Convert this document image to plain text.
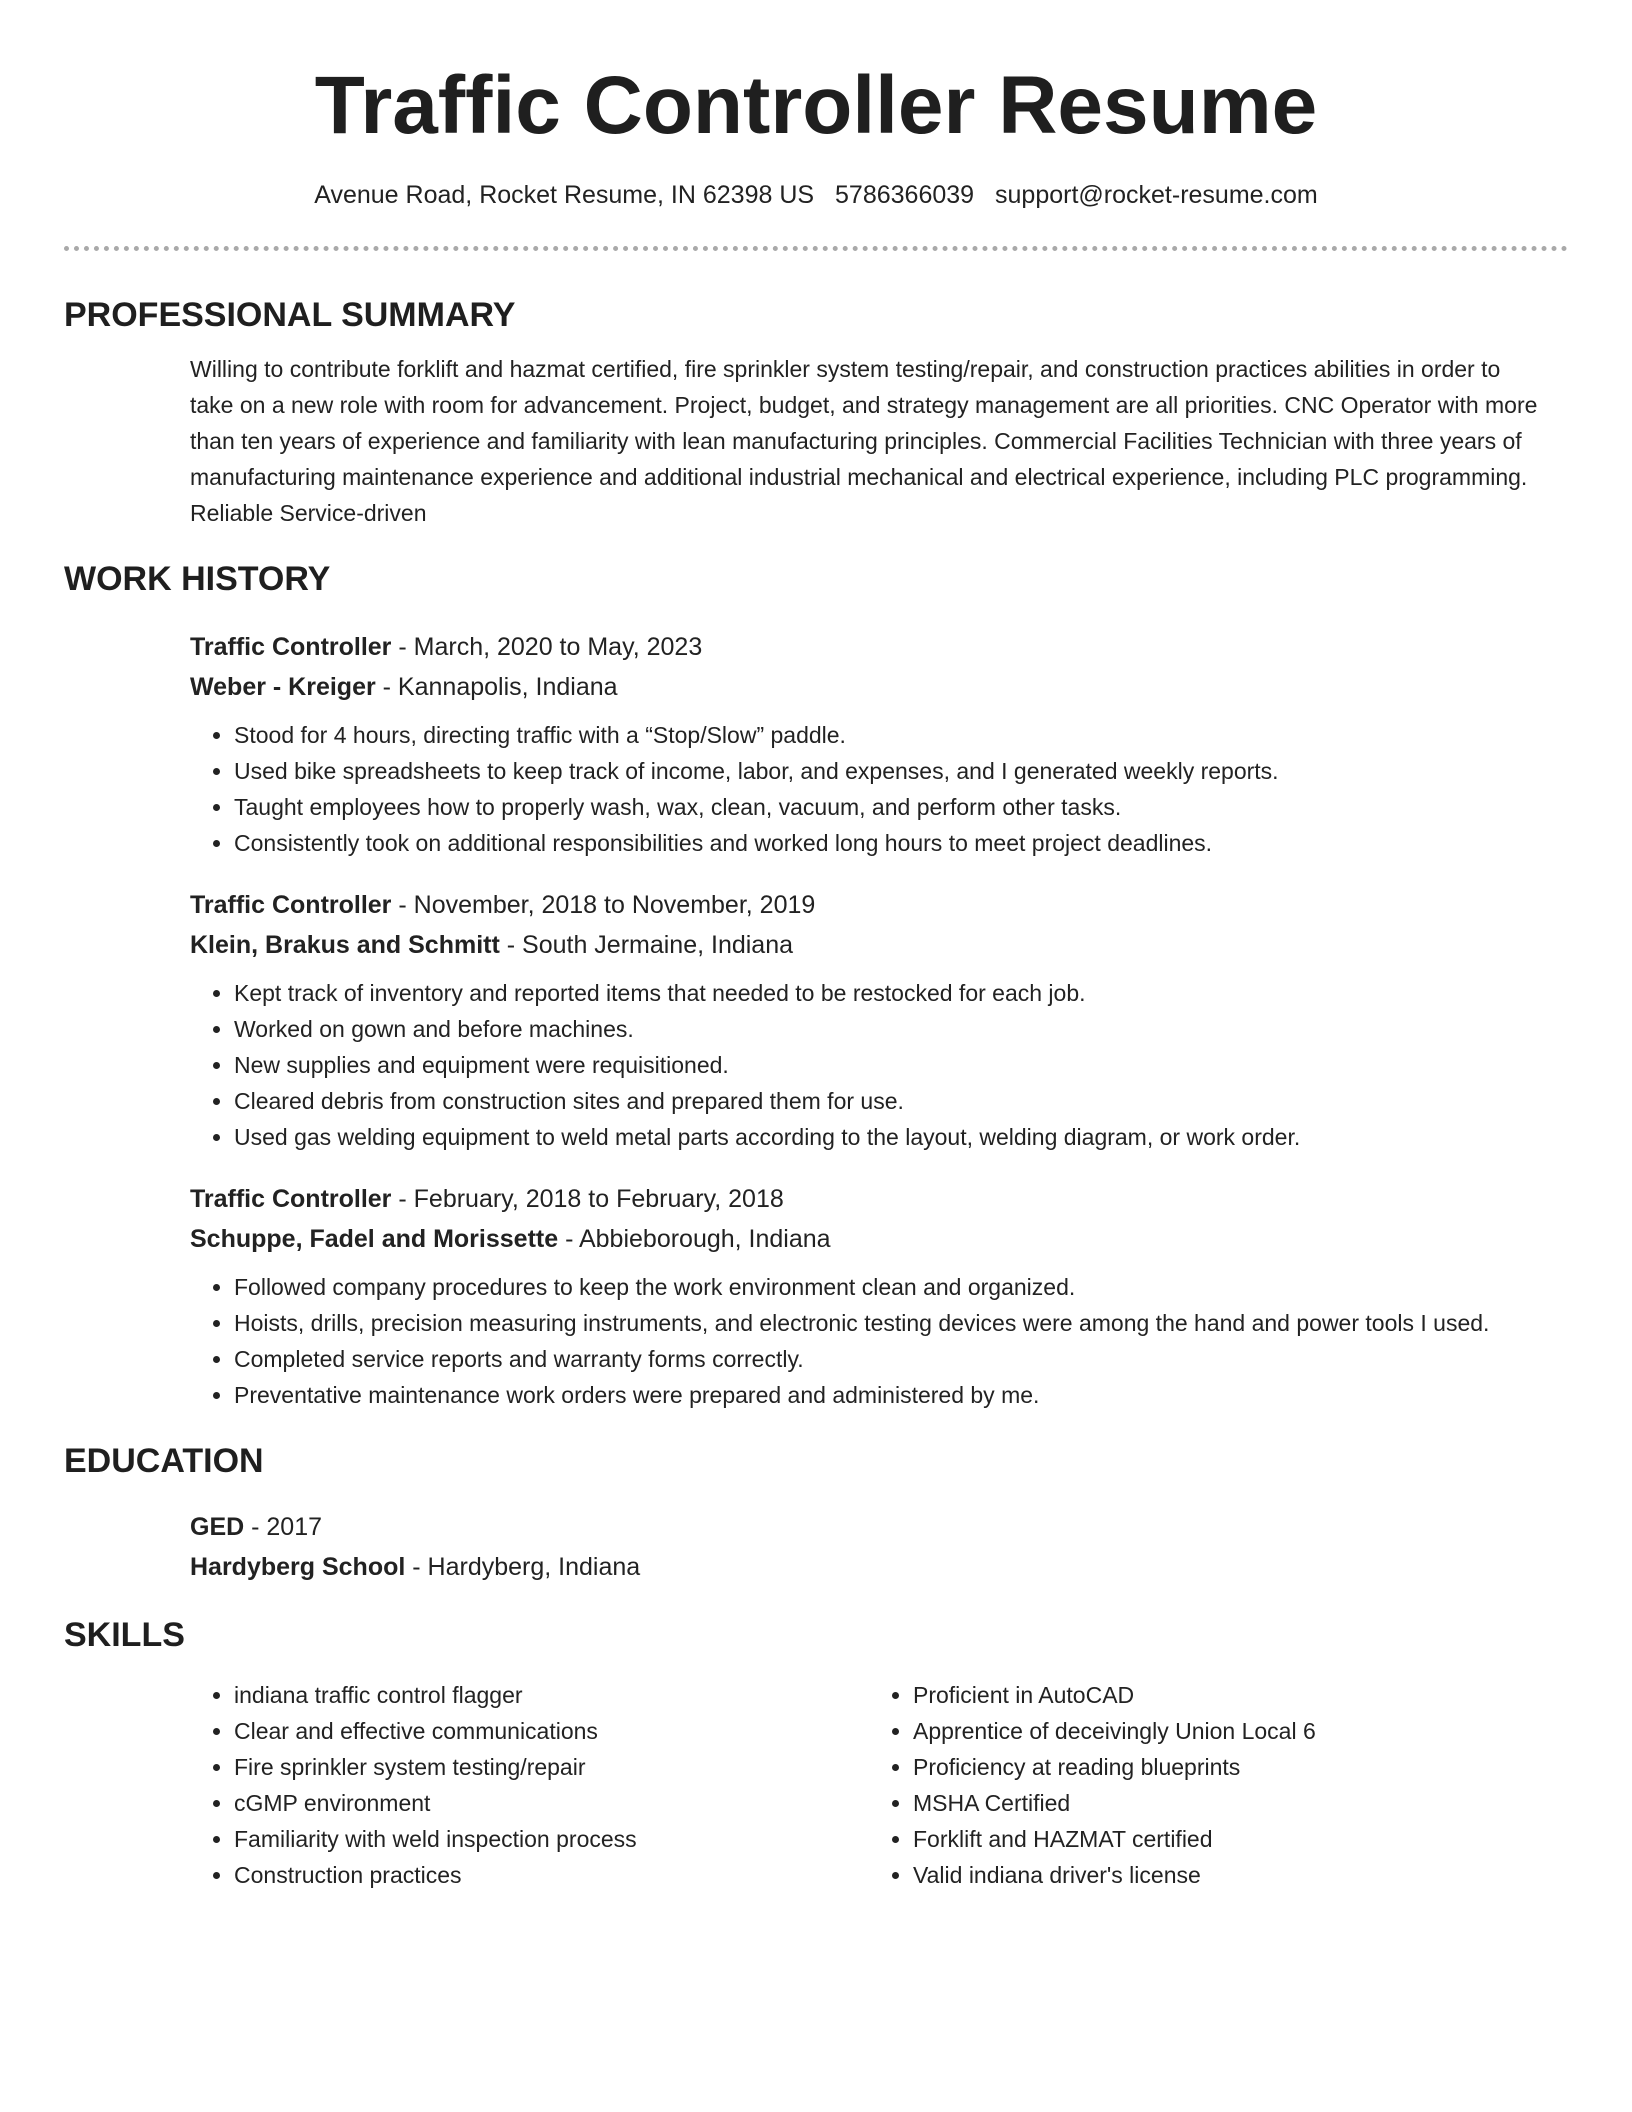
Traffic Controller Resume
Avenue Road, Rocket Resume, IN 62398 US 5786366039 support@rocket-resume.com
PROFESSIONAL SUMMARY
Willing to contribute forklift and hazmat certified, fire sprinkler system testing/repair, and construction practices abilities in order to take on a new role with room for advancement. Project, budget, and strategy management are all priorities. CNC Operator with more than ten years of experience and familiarity with lean manufacturing principles. Commercial Facilities Technician with three years of manufacturing maintenance experience and additional industrial mechanical and electrical experience, including PLC programming. Reliable Service-driven
WORK HISTORY
Traffic Controller - March, 2020 to May, 2023
Weber - Kreiger - Kannapolis, Indiana
• Stood for 4 hours, directing traffic with a “Stop/Slow” paddle.
• Used bike spreadsheets to keep track of income, labor, and expenses, and I generated weekly reports.
• Taught employees how to properly wash, wax, clean, vacuum, and perform other tasks.
• Consistently took on additional responsibilities and worked long hours to meet project deadlines.
Traffic Controller - November, 2018 to November, 2019
Klein, Brakus and Schmitt - South Jermaine, Indiana
• Kept track of inventory and reported items that needed to be restocked for each job.
• Worked on gown and before machines.
• New supplies and equipment were requisitioned.
• Cleared debris from construction sites and prepared them for use.
• Used gas welding equipment to weld metal parts according to the layout, welding diagram, or work order.
Traffic Controller - February, 2018 to February, 2018
Schuppe, Fadel and Morissette - Abbieborough, Indiana
• Followed company procedures to keep the work environment clean and organized.
• Hoists, drills, precision measuring instruments, and electronic testing devices were among the hand and power tools I used.
• Completed service reports and warranty forms correctly.
• Preventative maintenance work orders were prepared and administered by me.
EDUCATION
GED - 2017
Hardyberg School - Hardyberg, Indiana
SKILLS
• indiana traffic control flagger
• Clear and effective communications
• Fire sprinkler system testing/repair
• cGMP environment
• Familiarity with weld inspection process
• Construction practices
• Proficient in AutoCAD
• Apprentice of deceivingly Union Local 6
• Proficiency at reading blueprints
• MSHA Certified
• Forklift and HAZMAT certified
• Valid indiana driver's license
